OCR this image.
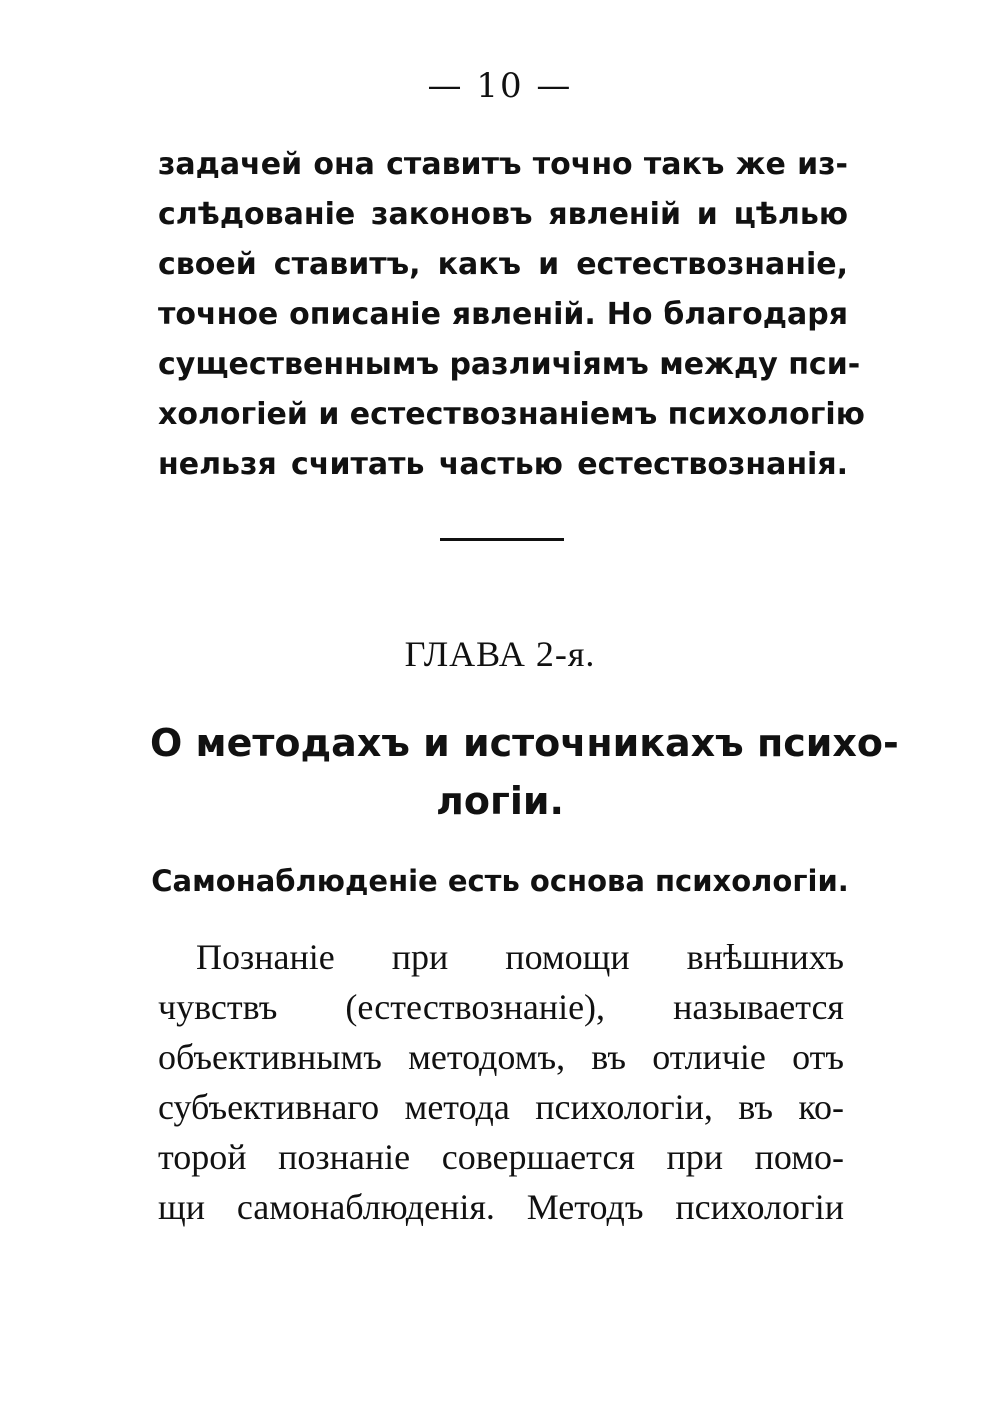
— 10 —
задачей она ставитъ точно такъ же из-
слѣдованіе законовъ явленій и цѣлью
своей ставитъ, какъ и естествознаніе,
точное описаніе явленій. Но благодаря
существеннымъ различіямъ между пси-
хологіей и естествознаніемъ психологію
нельзя считать частью естествознанія.
ГЛАВА 2-я.
О методахъ и источникахъ психо-
логіи.
Самонаблюденіе есть основа психологіи.
Познаніе при помощи внѣшнихъ
чувствъ (естествознаніе), называется
объективнымъ методомъ, въ отличіе отъ
субъективнаго метода психологіи, въ ко-
торой познаніе совершается при помо-
щи самонаблюденія. Методъ психологіи
